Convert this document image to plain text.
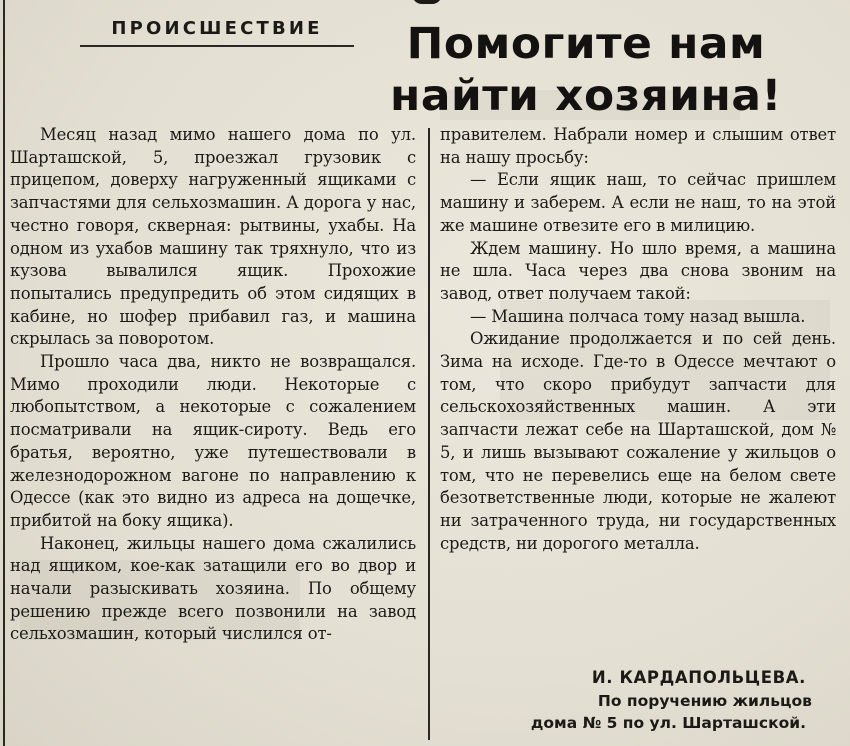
ПРОИСШЕСТВИЕ	Помогите нам
найти хозяина!

Месяц назад мимо нашего дома по ул. Шарташской, 5, проезжал грузовик с прицепом, доверху нагруженный ящиками с запчастями для сельхозмашин. А дорога у нас, честно говоря, скверная: рытвины, ухабы. На одном из ухабов машину так тряхнуло, что из кузова вывалился ящик. Прохожие попытались предупредить об этом сидящих в кабине, но шофер прибавил газ, и машина скрылась за поворотом.

Прошло часа два, никто не возвращался. Мимо проходили люди. Некоторые с любопытством, а некоторые с сожалением посматривали на ящик-сироту. Ведь его братья, вероятно, уже путешествовали в железнодорожном вагоне по направлению к Одессе (как это видно из адреса на дощечке, прибитой на боку ящика).

Наконец, жильцы нашего дома сжалились над ящиком, кое-как затащили его во двор и начали разыскивать хозяина. По общему решению прежде всего позвонили на завод сельхозмашин, который числился от-

правителем. Набрали номер и слышим ответ на нашу просьбу:

— Если ящик наш, то сейчас пришлем машину и заберем. А если не наш, то на этой же машине отвезите его в милицию.

Ждем машину. Но шло время, а машина не шла. Часа через два снова звоним на завод, ответ получаем такой:

— Машина полчаса тому назад вышла.

Ожидание продолжается и по сей день. Зима на исходе. Где-то в Одессе мечтают о том, что скоро прибудут запчасти для сельскохозяйственных машин. А эти запчасти лежат себе на Шарташской, дом № 5, и лишь вызывают сожаление у жильцов о том, что не перевелись еще на белом свете безответственные люди, которые не жалеют ни затраченного труда, ни государственных средств, ни дорогого металла.

И. КАРДАПОЛЬЦЕВА.

По поручению жильцов

дома № 5 по ул. Шарташской.
